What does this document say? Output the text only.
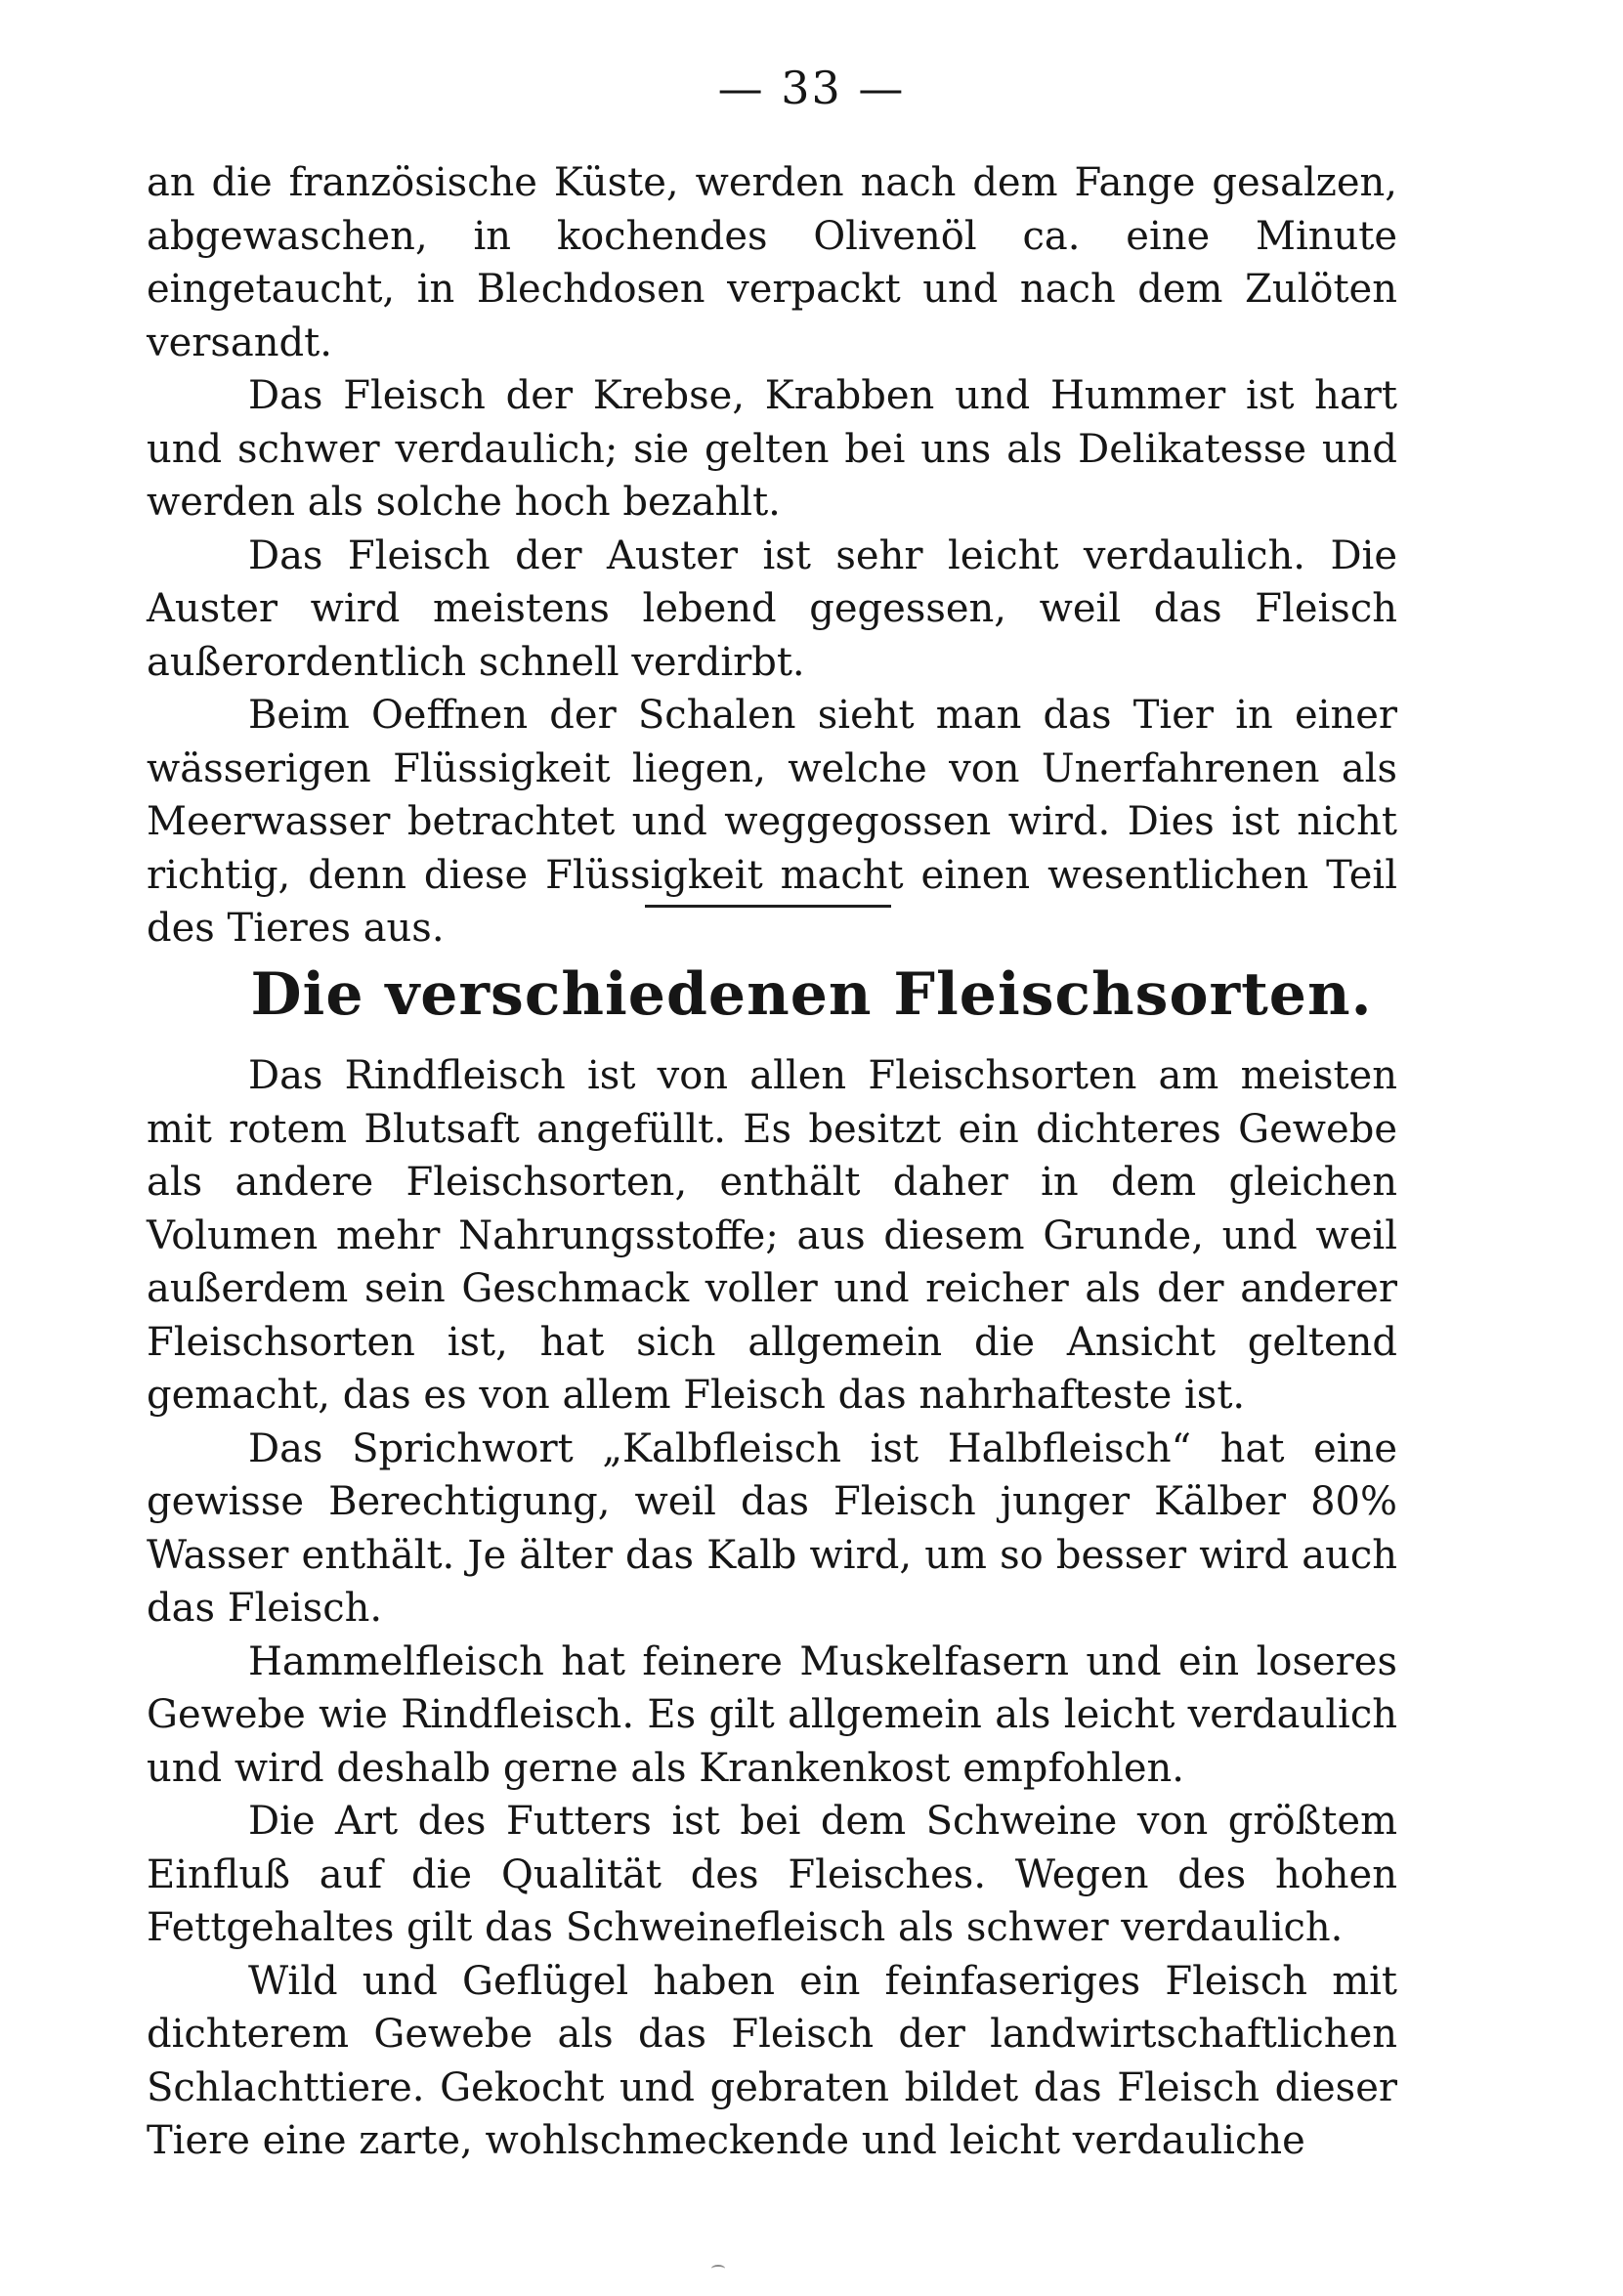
— 33 —

an die französische Küste, werden nach dem Fange gesalzen, abgewaschen, in kochendes Olivenöl ca. eine Minute eingetaucht, in Blechdosen verpackt und nach dem Zulöten versandt.

Das Fleisch der Krebse, Krabben und Hummer ist hart und schwer verdaulich; sie gelten bei uns als Delikatesse und werden als solche hoch bezahlt.

Das Fleisch der Auster ist sehr leicht verdaulich. Die Auster wird meistens lebend gegessen, weil das Fleisch außerordentlich schnell verdirbt.

Beim Oeffnen der Schalen sieht man das Tier in einer wässerigen Flüssigkeit liegen, welche von Unerfahrenen als Meerwasser betrachtet und weggegossen wird. Dies ist nicht richtig, denn diese Flüssigkeit macht einen wesentlichen Teil des Tieres aus.

Die verschiedenen Fleischsorten.

Das Rindfleisch ist von allen Fleischsorten am meisten mit rotem Blutsaft angefüllt. Es besitzt ein dichteres Gewebe als andere Fleischsorten, enthält daher in dem gleichen Volumen mehr Nahrungsstoffe; aus diesem Grunde, und weil außerdem sein Geschmack voller und reicher als der anderer Fleischsorten ist, hat sich allgemein die Ansicht geltend gemacht, das es von allem Fleisch das nahrhafteste ist.

Das Sprichwort „Kalbfleisch ist Halbfleisch“ hat eine gewisse Berechtigung, weil das Fleisch junger Kälber 80% Wasser enthält. Je älter das Kalb wird, um so besser wird auch das Fleisch.

Hammelfleisch hat feinere Muskelfasern und ein loseres Gewebe wie Rindfleisch. Es gilt allgemein als leicht verdaulich und wird deshalb gerne als Krankenkost empfohlen.

Die Art des Futters ist bei dem Schweine von größtem Einfluß auf die Qualität des Fleisches. Wegen des hohen Fettgehaltes gilt das Schweinefleisch als schwer verdaulich.

Wild und Geflügel haben ein feinfaseriges Fleisch mit dichterem Gewebe als das Fleisch der landwirtschaftlichen Schlachttiere. Gekocht und gebraten bildet das Fleisch dieser Tiere eine zarte, wohlschmeckende und leicht verdauliche
